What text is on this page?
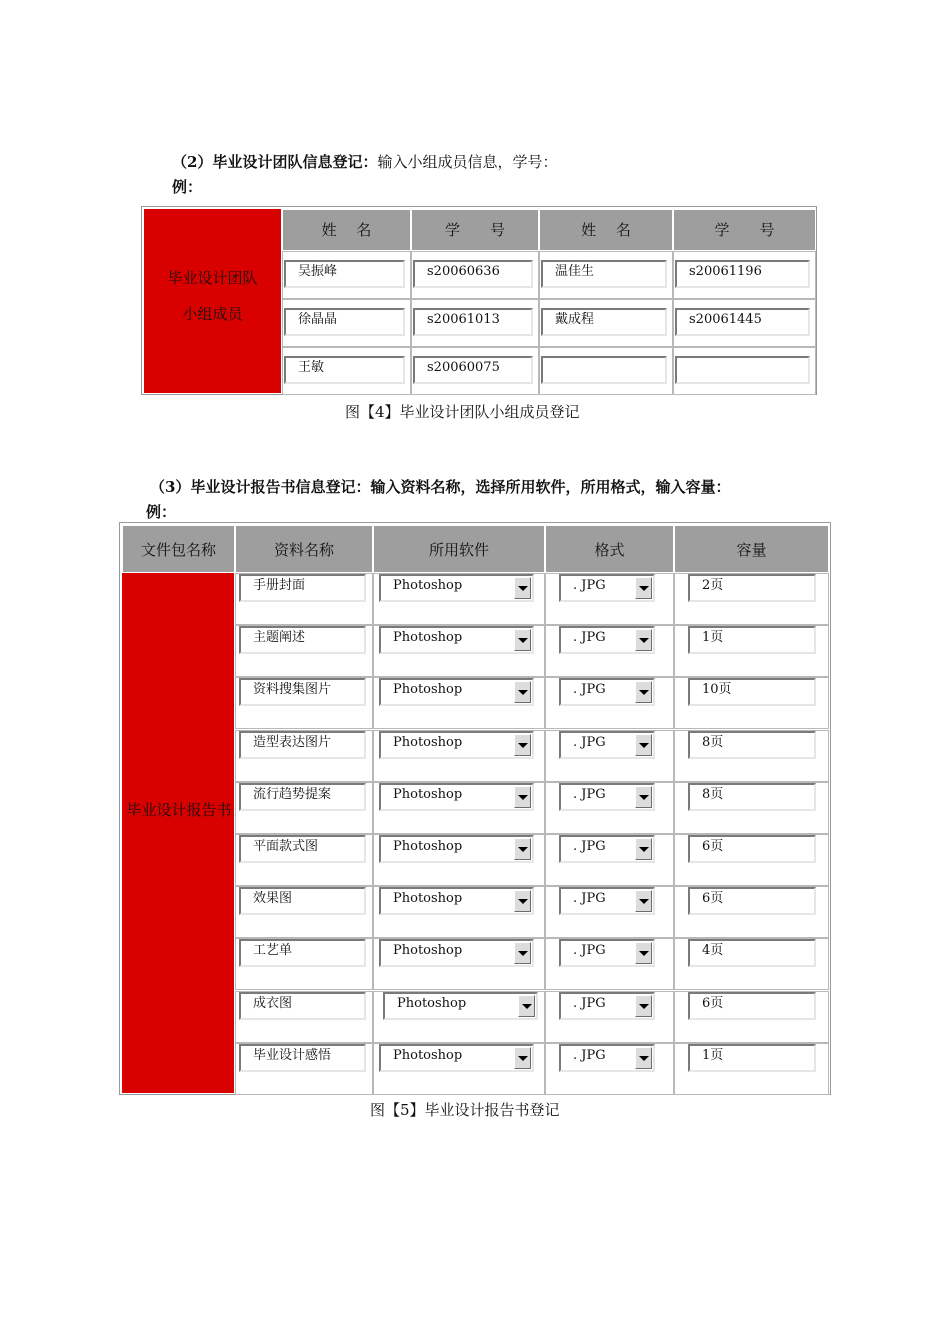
（2）毕业设计团队信息登记：输入小组成员信息，学号：
例：
毕业设计团队
小组成员
姓　 名	学　　号	姓　 名	学　　号
吴振峰	s20060636	温佳生	s20061196
徐晶晶	s20061013	戴成程	s20061445
王敏	s20060075
图【4】毕业设计团队小组成员登记
（3）毕业设计报告书信息登记：输入资料名称，选择所用软件，所用格式，输入容量：
例：
毕业设计报告书
文件包名称	资料名称	所用软件	格式	容量
手册封面	Photoshop	. JPG	2页
主题阐述	Photoshop	. JPG	1页
资料搜集图片	Photoshop	. JPG	10页
造型表达图片	Photoshop	. JPG	8页
流行趋势提案	Photoshop	. JPG	8页
平面款式图	Photoshop	. JPG	6页
效果图	Photoshop	. JPG	6页
工艺单	Photoshop	. JPG	4页
成衣图	Photoshop	. JPG	6页
毕业设计感悟	Photoshop	. JPG	1页
图【5】毕业设计报告书登记
